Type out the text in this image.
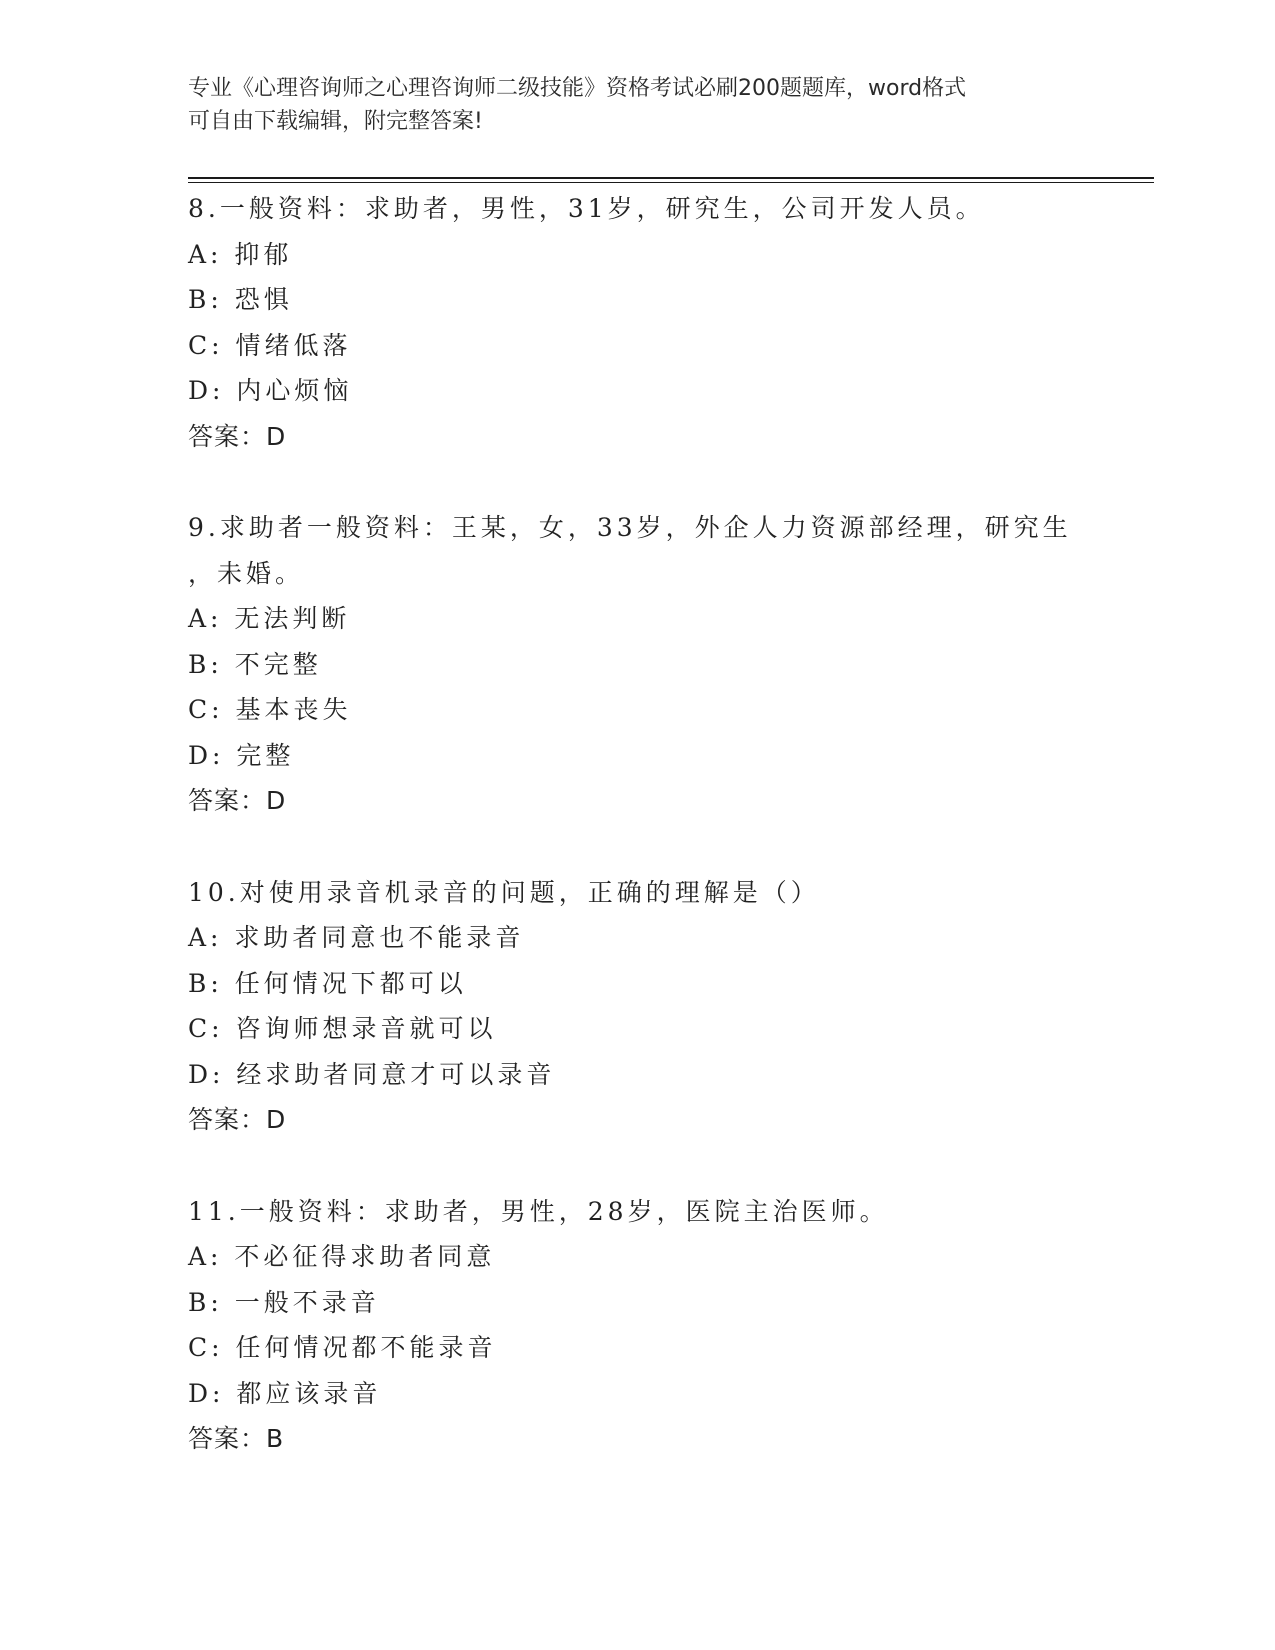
专业《心理咨询师之心理咨询师二级技能》资格考试必刷200题题库，word格式
可自由下载编辑，附完整答案!
8.一般资料：求助者，男性，31岁，研究生，公司开发人员。
A: 抑郁
B: 恐惧
C: 情绪低落
D: 内心烦恼
答案：D
9.求助者一般资料：王某，女，33岁，外企人力资源部经理，研究生
，未婚。
A: 无法判断
B: 不完整
C: 基本丧失
D: 完整
答案：D
10.对使用录音机录音的问题，正确的理解是（）
A: 求助者同意也不能录音
B: 任何情况下都可以
C: 咨询师想录音就可以
D: 经求助者同意才可以录音
答案：D
11.一般资料：求助者，男性，28岁，医院主治医师。
A: 不必征得求助者同意
B: 一般不录音
C: 任何情况都不能录音
D: 都应该录音
答案：B
